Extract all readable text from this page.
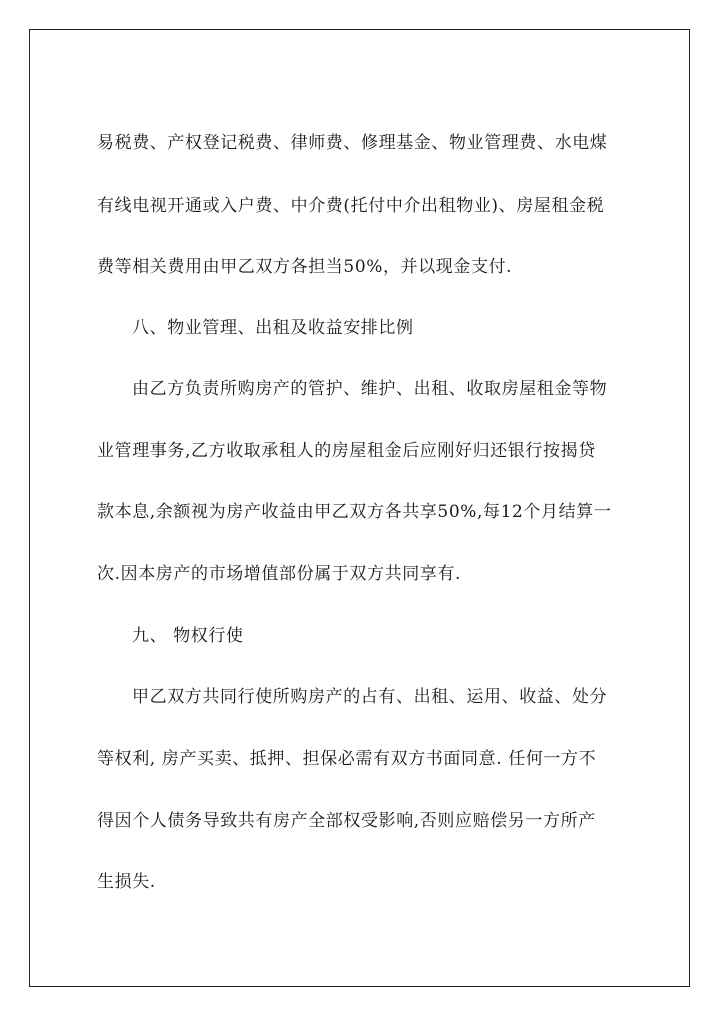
易税费、产权登记税费、律师费、修理基金、物业管理费、水电煤
有线电视开通或入户费、中介费(托付中介出租物业)、房屋租金税
费等相关费用由甲乙双方各担当50%，并以现金支付.
八、物业管理、出租及收益安排比例
由乙方负责所购房产的管护、维护、出租、收取房屋租金等物
业管理事务,乙方收取承租人的房屋租金后应刚好归还银行按揭贷
款本息,余额视为房产收益由甲乙双方各共享50%,每12个月结算一
次.因本房产的市场增值部份属于双方共同享有.
九、 物权行使
甲乙双方共同行使所购房产的占有、出租、运用、收益、处分
等权利, 房产买卖、抵押、担保必需有双方书面同意. 任何一方不
得因个人债务导致共有房产全部权受影响,否则应赔偿另一方所产
生损失.
